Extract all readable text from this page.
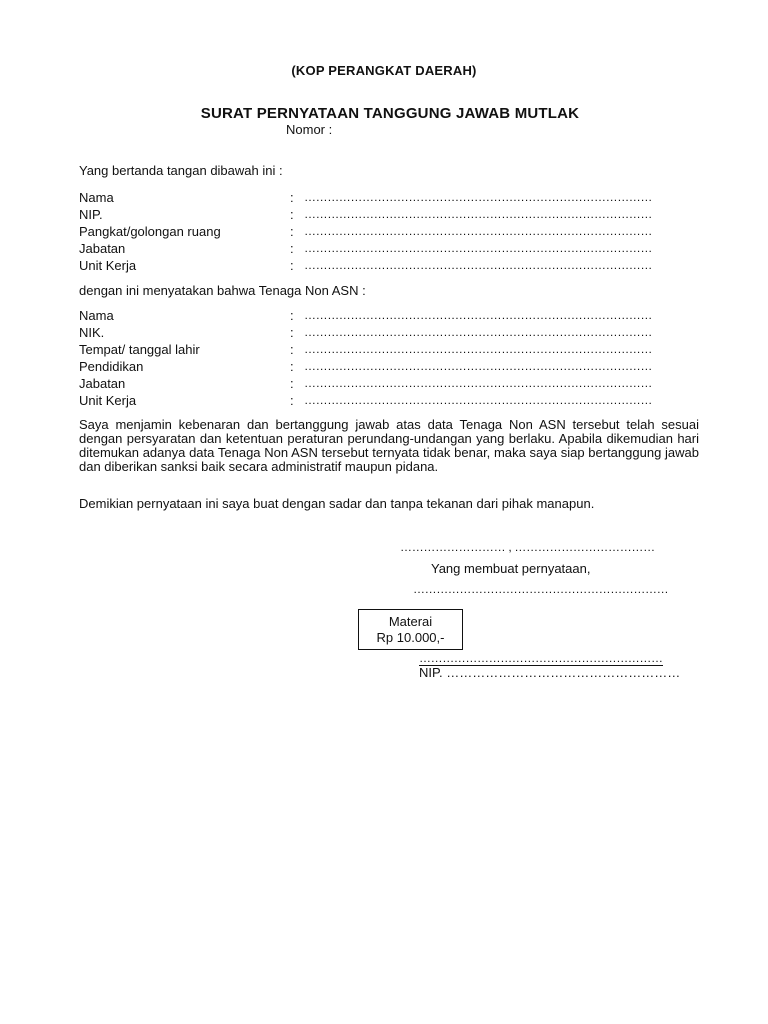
(KOP PERANGKAT DAERAH)
SURAT PERNYATAAN TANGGUNG JAWAB MUTLAK
Nomor :
Yang bertanda tangan dibawah ini :
Nama	: ………………………………………………………………………………
NIP.	: ………………………………………………………………………………
Pangkat/golongan ruang	: ………………………………………………………………………………
Jabatan	: ………………………………………………………………………………
Unit Kerja	: ………………………………………………………………………………
dengan ini menyatakan bahwa Tenaga Non ASN :
Nama	: ………………………………………………………………………………
NIK.	: ………………………………………………………………………………
Tempat/ tanggal lahir	: ………………………………………………………………………………
Pendidikan	: ………………………………………………………………………………
Jabatan	: ………………………………………………………………………………
Unit Kerja	: ………………………………………………………………………………
Saya menjamin kebenaran dan bertanggung jawab atas data Tenaga Non ASN tersebut telah sesuai dengan persyaratan dan ketentuan peraturan perundang-undangan yang berlaku. Apabila dikemudian hari ditemukan adanya data Tenaga Non ASN tersebut ternyata tidak benar, maka saya siap bertanggung jawab dan diberikan sanksi baik secara administratif maupun pidana.
Demikian pernyataan ini saya buat dengan sadar dan tanpa tekanan dari pihak manapun.
……………………… , ………………………………
Yang membuat pernyataan,
…………………………………………………………
Materai
Rp 10.000,-
………………………………………………………
NIP. ………………………………………………
